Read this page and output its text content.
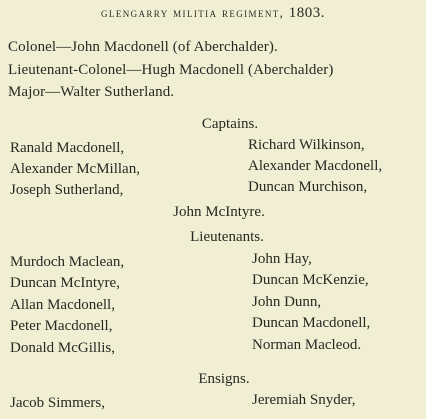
glengarry militia regiment, 1803.
Colonel—John Macdonell (of Aberchalder).
Lieutenant-Colonel—Hugh Macdonell (Aberchalder)
Major—Walter Sutherland.
Captains.
Ranald Macdonell,
Alexander McMillan,
Joseph Sutherland,
Richard Wilkinson,
Alexander Macdonell,
Duncan Murchison,
John McIntyre.
Lieutenants.
Murdoch Maclean,
Duncan McIntyre,
Allan Macdonell,
Peter Macdonell,
Donald McGillis,
John Hay,
Duncan McKenzie,
John Dunn,
Duncan Macdonell,
Norman Macleod.
Ensigns.
Jacob Simmers,	Jeremiah Snyder,
